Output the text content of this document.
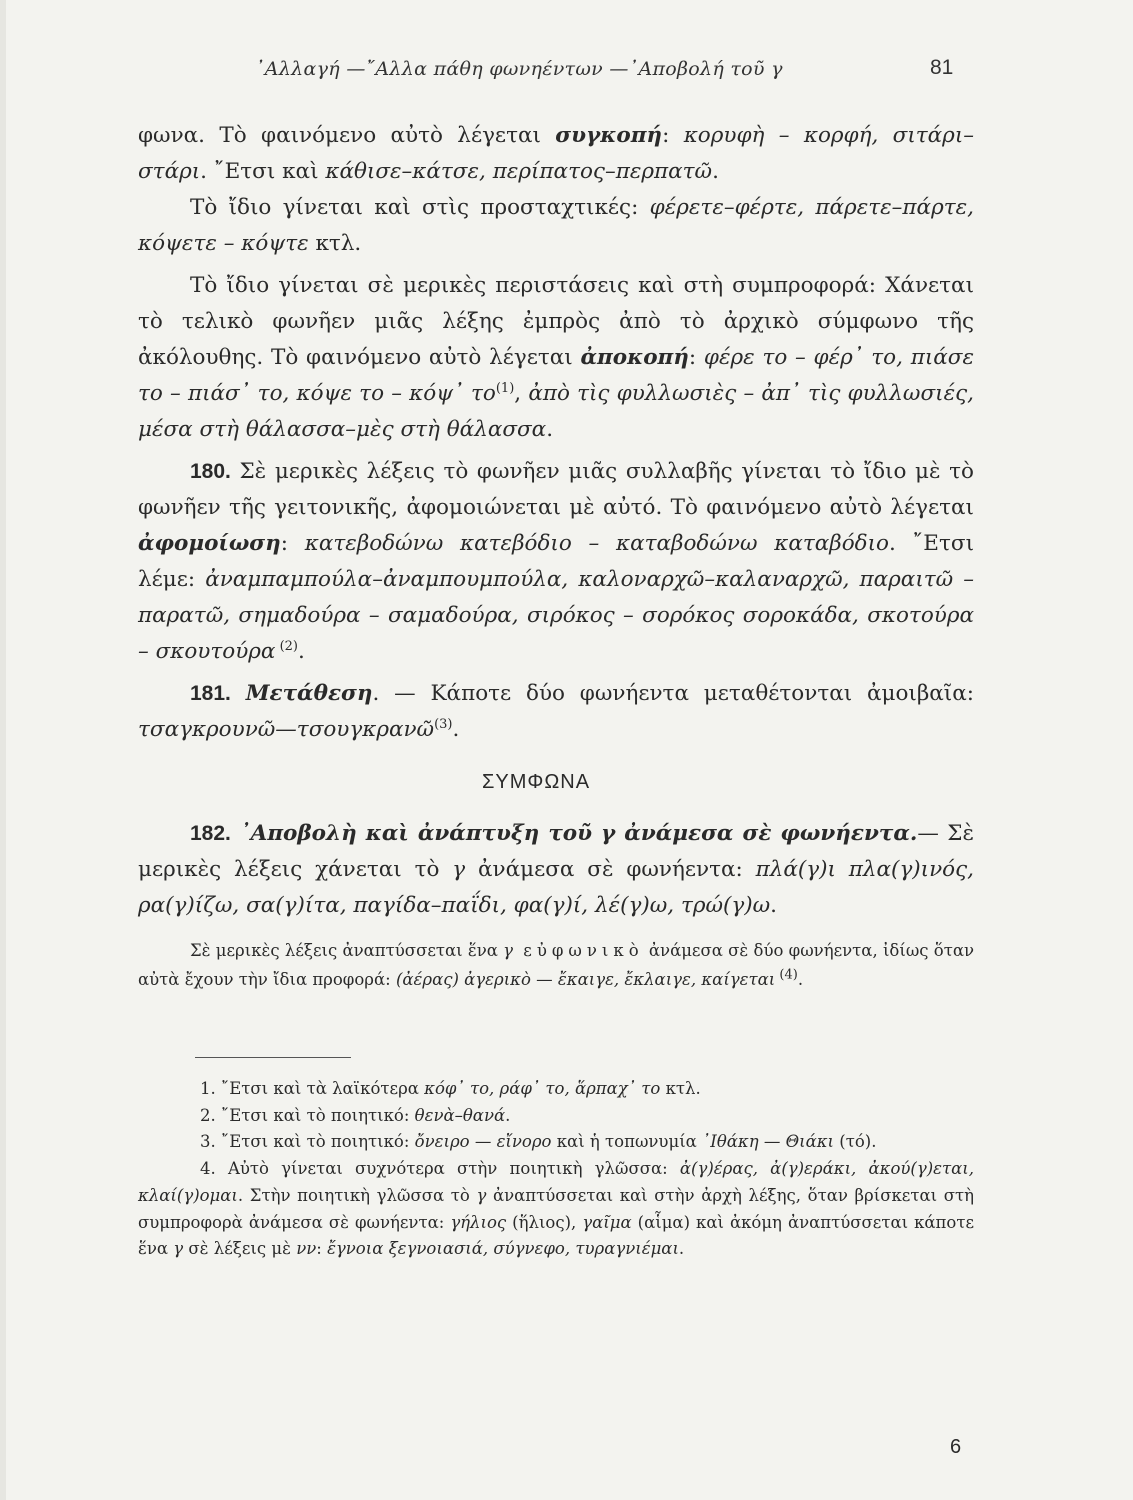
᾿Αλλαγή —῎Αλλα πάθη φωνηέντων —᾿Αποβολή τοῦ γ	81

φωνα. Τὸ φαινόμενο αὐτὸ λέγεται συγκοπή: κορυφὴ – κορφή, σιτάρι–στάρι. ῎Ετσι καὶ κάθισε–κάτσε, περίπατος–περπατῶ.

Τὸ ἴδιο γίνεται καὶ στὶς προσταχτικές: φέρετε–φέρτε, πάρετε–πάρτε, κόψετε – κόψτε κτλ.

Τὸ ἴδιο γίνεται σὲ μερικὲς περιστάσεις καὶ στὴ συμπροφορά: Χάνεται τὸ τελικὸ φωνῆεν μιᾶς λέξης ἐμπρὸς ἀπὸ τὸ ἀρχικὸ σύμφωνο τῆς ἀκόλουθης. Τὸ φαινόμενο αὐτὸ λέγεται ἀποκοπή: φέρε το – φέρ᾿ το, πιάσε το – πιάσ᾿ το, κόψε το – κόψ᾿ $\tau o^{(1)}$, ἀπὸ τὶς φυλλωσιὲς – ἀπ᾿ τὶς φυλλωσιές, μέσα στὴ θάλασσα–μὲς στὴ θάλασσα.

180. Σὲ μερικὲς λέξεις τὸ φωνῆεν μιᾶς συλλαβῆς γίνεται τὸ ἴδιο μὲ τὸ φωνῆεν τῆς γειτονικῆς, ἀφομοιώνεται μὲ αὐτό. Τὸ φαινόμενο αὐτὸ λέγεται ἀφομοίωση: κατεβοδώνω κατεβόδιο – καταβοδώνω καταβόδιο. ῎Ετσι λέμε: ἀναμπαμπούλα–ἀναμπουμπούλα, καλοναρχῶ–καλαναρχῶ, παραιτῶ – παρατῶ, σημαδούρα – σαμαδούρα, σιρόκος – σορόκος σοροκάδα, σκοτούρα – σκουτούρα $^{(2)}$.

181. Μετάθεση. — Κάποτε δύο φωνήεντα μεταθέτονται ἀμοιβαῖα: τσαγκρουνῶ—τσουγκρανῶ$^{(3)}$.

ΣΥΜΦΩΝΑ

182. ᾿Αποβολὴ καὶ ἀνάπτυξη τοῦ γ ἀνάμεσα σὲ φωνήεντα.— Σὲ μερικὲς λέξεις χάνεται τὸ γ ἀνάμεσα σὲ φωνήεντα: πλά(γ)ι πλα(γ)ινός, ρα(γ)ίζω, σα(γ)ίτα, παγίδα–παΐδι, φα(γ)ί, λέ(γ)ω, τρώ(γ)ω.

Σὲ μερικὲς λέξεις ἀναπτύσσεται ἕνα γ εὐφωνικὸ ἀνάμεσα σὲ δύο φωνήεντα, ἰδίως ὅταν αὐτὰ ἔχουν τὴν ἴδια προφορά: (ἀέρας) ἀγερικὸ — ἔκαιγε, ἔκλαιγε, καίγεται $^{(4)}$.

1. ῎Ετσι καὶ τὰ λαϊκότερα κόφ᾿ το, ράφ᾿ το, ἅρπαχ᾿ το κτλ.

2. ῎Ετσι καὶ τὸ ποιητικό: θενὰ–θανά.

3. ῎Ετσι καὶ τὸ ποιητικό: ὄνειρο — εἴνορο καὶ ἡ τοπωνυμία ᾿Ιθάκη — Θιάκι (τό).

4. Αὐτὸ γίνεται συχνότερα στὴν ποιητικὴ γλῶσσα: ἀ(γ)έρας, ἀ(γ)εράκι, ἀκού(γ)εται, κλαί(γ)ομαι. Στὴν ποιητικὴ γλῶσσα τὸ γ ἀναπτύσσεται καὶ στὴν ἀρχὴ λέξης, ὅταν βρίσκεται στὴ συμπροφορὰ ἀνάμεσα σὲ φωνήεντα: γήλιος (ἥλιος), γαῖμα (αἷμα) καὶ ἀκόμη ἀναπτύσσεται κάποτε ἕνα γ σὲ λέξεις μὲ νν: ἔγνοια ξεγνοιασιά, σύγνεφο, τυραγνιέμαι.

6
